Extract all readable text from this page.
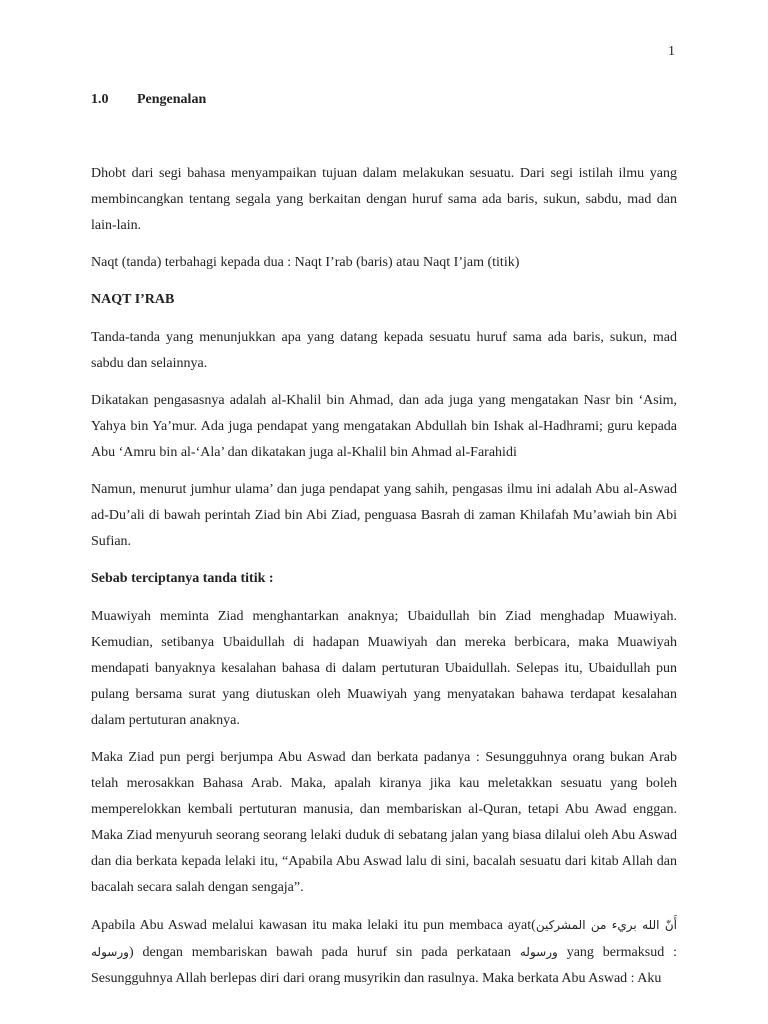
1
1.0 Pengenalan

Dhobt dari segi bahasa menyampaikan tujuan dalam melakukan sesuatu. Dari segi istilah ilmu yang membincangkan tentang segala yang berkaitan dengan huruf sama ada baris, sukun, sabdu, mad dan lain-lain.

Naqt (tanda) terbahagi kepada dua : Naqt I’rab (baris) atau Naqt I’jam (titik)

NAQT I’RAB

Tanda-tanda yang menunjukkan apa yang datang kepada sesuatu huruf sama ada baris, sukun, mad sabdu dan selainnya.

Dikatakan pengasasnya adalah al-Khalil bin Ahmad, dan ada juga yang mengatakan Nasr bin ‘Asim, Yahya bin Ya’mur. Ada juga pendapat yang mengatakan Abdullah bin Ishak al-Hadhrami; guru kepada Abu ‘Amru bin al-‘Ala’ dan dikatakan juga al-Khalil bin Ahmad al-Farahidi

Namun, menurut jumhur ulama’ dan juga pendapat yang sahih, pengasas ilmu ini adalah Abu al-Aswad ad-Du’ali di bawah perintah Ziad bin Abi Ziad, penguasa Basrah di zaman Khilafah Mu’awiah bin Abi Sufian.

Sebab terciptanya tanda titik :

Muawiyah meminta Ziad menghantarkan anaknya; Ubaidullah bin Ziad menghadap Muawiyah. Kemudian, setibanya Ubaidullah di hadapan Muawiyah dan mereka berbicara, maka Muawiyah mendapati banyaknya kesalahan bahasa di dalam pertuturan Ubaidullah. Selepas itu, Ubaidullah pun pulang bersama surat yang diutuskan oleh Muawiyah yang menyatakan bahawa terdapat kesalahan dalam pertuturan anaknya.

Maka Ziad pun pergi berjumpa Abu Aswad dan berkata padanya : Sesungguhnya orang bukan Arab telah merosakkan Bahasa Arab. Maka, apalah kiranya jika kau meletakkan sesuatu yang boleh memperelokkan kembali pertuturan manusia, dan membariskan al-Quran, tetapi Abu Awad enggan. Maka Ziad menyuruh seorang seorang lelaki duduk di sebatang jalan yang biasa dilalui oleh Abu Aswad dan dia berkata kepada lelaki itu, “Apabila Abu Aswad lalu di sini, bacalah sesuatu dari kitab Allah dan bacalah secara salah dengan sengaja”.

Apabila Abu Aswad melalui kawasan itu maka lelaki itu pun membaca ayat(أَنّ الله بريء من المشركين ورسوله) dengan membariskan bawah pada huruf sin pada perkataan ورسوله yang bermaksud : Sesungguhnya Allah berlepas diri dari orang musyrikin dan rasulnya. Maka berkata Abu Aswad : Aku
